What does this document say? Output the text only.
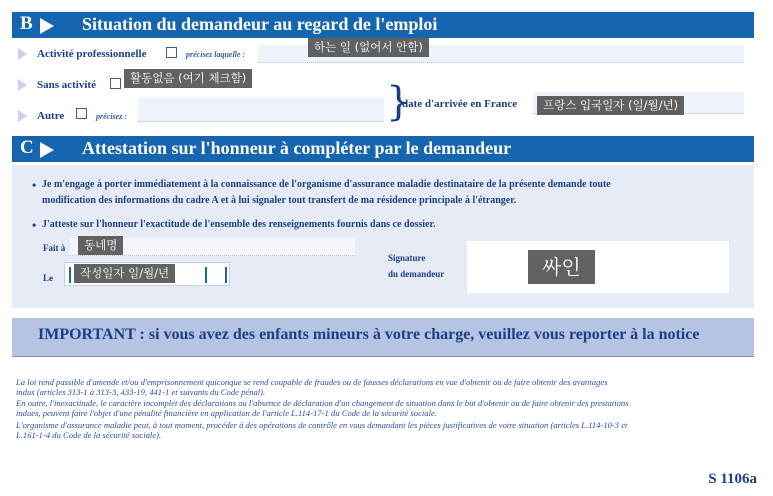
B	Situation du demandeur au regard de l'emploi
Activité professionnelle	précisez laquelle :
하는 일 (없어서 안함)
Sans activité	활동없음 (여기 체크함)
Autre	précisez :	}
date d'arrivée en France	프랑스 입국일자 (일/월/년)
C	Attestation sur l'honneur à compléter par le demandeur
• Je m'engage à porter immédiatement à la connaissance de l'organisme d'assurance maladie destinataire de la présente demande toute
modification des informations du cadre A et à lui signaler tout transfert de ma résidence principale à l'étranger.
• J'atteste sur l'honneur l'exactitude de l'ensemble des renseignements fournis dans ce dossier.
Fait à	동네명
Le	작성일자 일/월/년
Signature
du demandeur	싸인
IMPORTANT : si vous avez des enfants mineurs à votre charge, veuillez vous reporter à la notice
La loi rend passible d'amende et/ou d'emprisonnement quiconque se rend coupable de fraudes ou de fausses déclarations en vue d'obtenir ou de faire obtenir des avantages
indus (articles 313-1 à 313-3, 433-19, 441-1 et suivants du Code pénal).
En outre, l'inexactitude, le caractère incomplet des déclarations ou l'absence de déclaration d'un changement de situation dans le but d'obtenir ou de faire obtenir des prestations
indues, peuvent faire l'objet d'une pénalité financière en application de l'article L.114-17-1 du Code de la sécurité sociale.
L'organisme d'assurance maladie peut, à tout moment, procéder à des opérations de contrôle en vous demandant les pièces justificatives de votre situation (articles L.114-10-3 et
L.161-1-4 du Code de la sécurité sociale).
S 1106a
